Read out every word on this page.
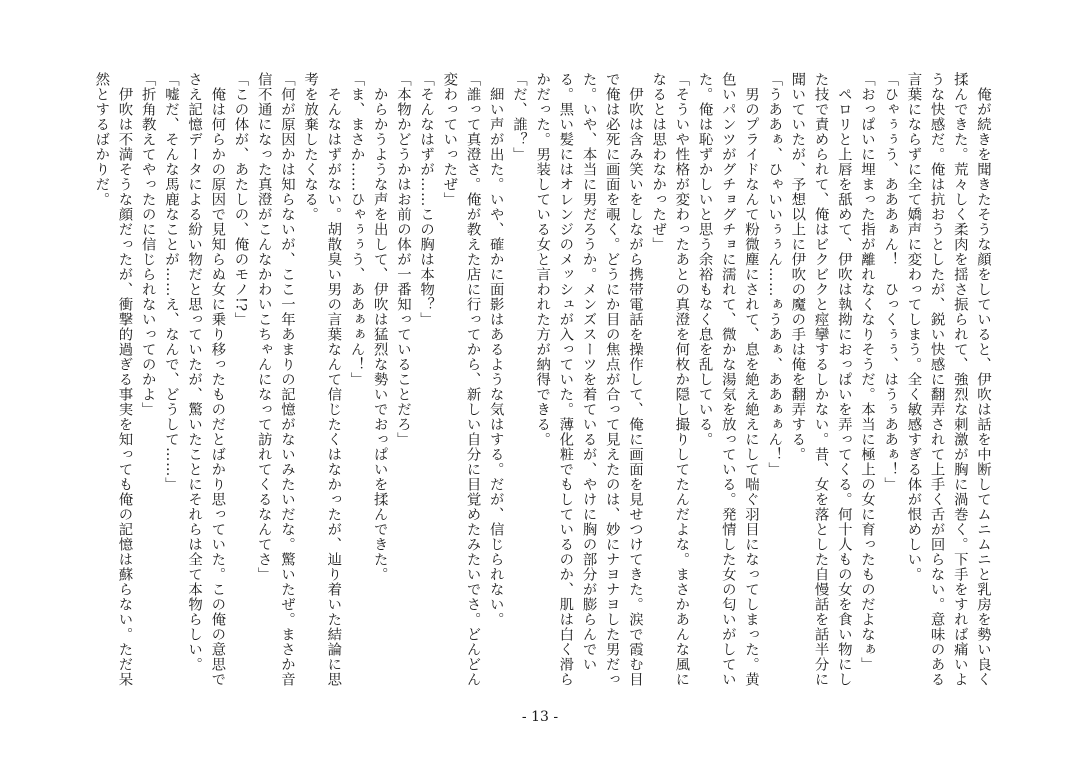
　俺が続きを聞きたそうな顔をしていると、伊吹は話を中断してムニムニと乳房を勢い良く揉んできた。荒々しく柔肉を揺さ振られて、強烈な刺激が胸に渦巻く。下手をすれば痛いような快感だ。俺は抗おうとしたが、鋭い快感に翻弄されて上手く舌が回らない。意味のある言葉にならずに全て嬌声に変わってしまう。全く敏感すぎる体が恨めしい。

「ひゃぅぅう、あああぁん！　ひっくぅぅ、はうぅああぁ！」

「おっぱいに埋まった指が離れなくなりそうだ。本当に極上の女に育ったものだよなぁ」

　ペロリと上唇を舐めて、伊吹は執拗におっぱいを弄ってくる。何十人もの女を食い物にした技で責められて、俺はビクビクと痙攣するしかない。昔、女を落とした自慢話を話半分に聞いていたが、予想以上に伊吹の魔の手は俺を翻弄する。

「うああぁ、ひゃいいぅぅん……ぁうあぁ、ああぁぁん！」

　男のプライドなんて粉微塵にされて、息を絶え絶えにして喘ぐ羽目になってしまった。黄色いパンツがグチョグチョに濡れて、微かな湯気を放っている。発情した女の匂いがしていた。俺は恥ずかしいと思う余裕もなく息を乱している。

「そういや性格が変わったあとの真澄を何枚か隠し撮りしてたんだよな。まさかあんな風になるとは思わなかったぜ」

　伊吹は含み笑いをしながら携帯電話を操作して、俺に画面を見せつけてきた。涙で霞む目で俺は必死に画面を覗く。どうにか目の焦点が合って見えたのは、妙にナヨナヨした男だった。いや、本当に男だろうか。メンズスーツを着ているが、やけに胸の部分が膨らんでいる。黒い髪にはオレンジのメッシュが入っていた。薄化粧でもしているのか、肌は白く滑らかだった。男装している女と言われた方が納得できる。

「だ、誰？」

　細い声が出た。いや、確かに面影はあるような気はする。だが、信じられない。

「誰って真澄さ。俺が教えた店に行ってから、新しい自分に目覚めたみたいでさ。どんどん変わっていったぜ」

「そんなはずが……この胸は本物？」

「本物かどうかはお前の体が一番知っていることだろ」

　からかうような声を出して、伊吹は猛烈な勢いでおっぱいを揉んできた。

「ま、まさか……ひゃぅぅう、ああぁぁん！」

　そんなはずがない。胡散臭い男の言葉なんて信じたくはなかったが、辿り着いた結論に思考を放棄したくなる。

「何が原因かは知らないが、ここ一年あまりの記憶がないみたいだな。驚いたぜ。まさか音信不通になった真澄がこんなかわいこちゃんになって訪れてくるなんてさ」

「この体が、あたしの、俺のモノ!?」

　俺は何らかの原因で見知らぬ女に乗り移ったものだとばかり思っていた。この俺の意思でさえ記憶データによる紛い物だと思っていたが、驚いたことにそれらは全て本物らしい。

「嘘だ、そんな馬鹿なことが……え、なんで、どうして……」

「折角教えてやったのに信じられないってのかよ」

　伊吹は不満そうな顔だったが、衝撃的過ぎる事実を知っても俺の記憶は蘇らない。ただ呆然とするばかりだ。

- 13 -
